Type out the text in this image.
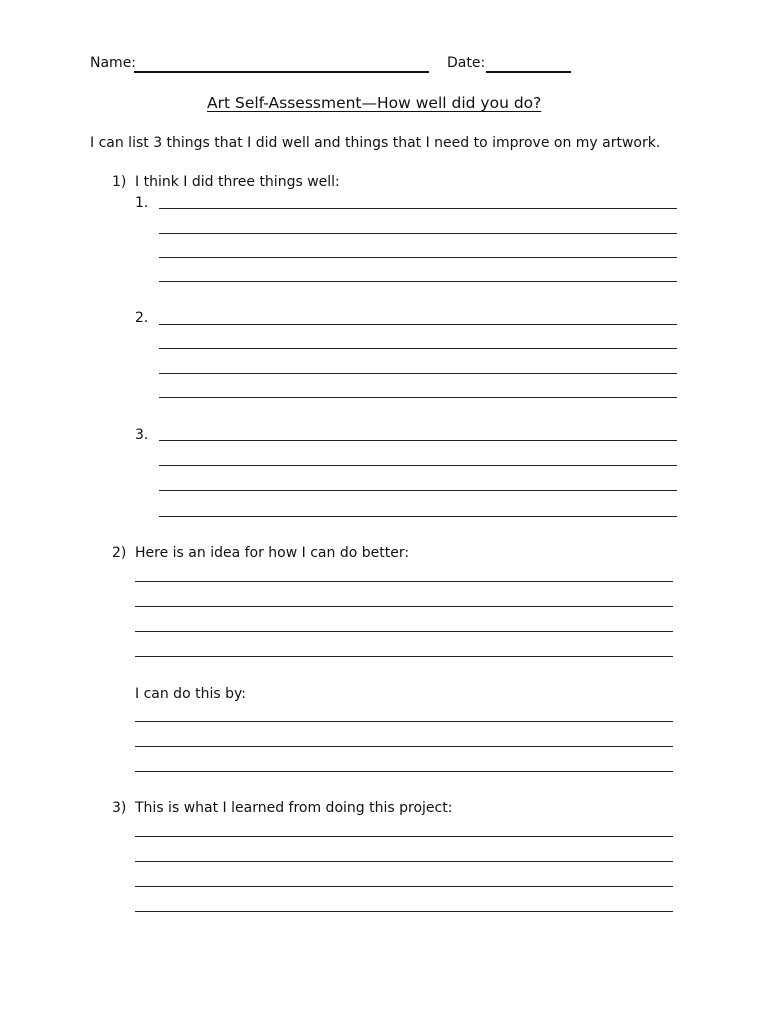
Name:	Date:
Art Self-Assessment—How well did you do?
I can list 3 things that I did well and things that I need to improve on my artwork.
1) I think I did three things well:
1.
2.
3.
2) Here is an idea for how I can do better:
I can do this by:
3) This is what I learned from doing this project:
